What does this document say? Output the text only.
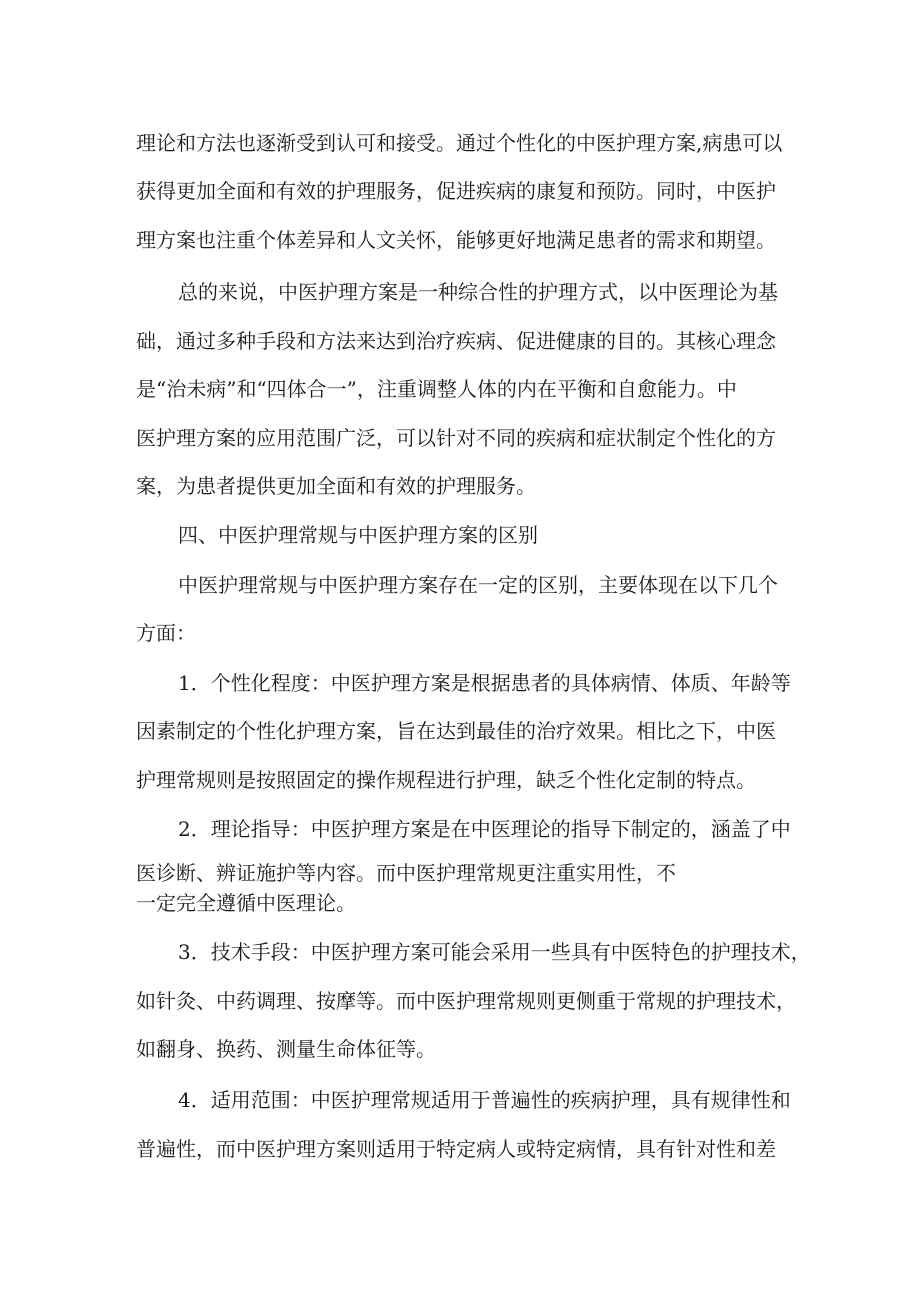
理论和方法也逐渐受到认可和接受。通过个性化的中医护理方案,病患可以
获得更加全面和有效的护理服务，促进疾病的康复和预防。同时，中医护
理方案也注重个体差异和人文关怀，能够更好地满足患者的需求和期望。
总的来说，中医护理方案是一种综合性的护理方式，以中医理论为基
础，通过多种手段和方法来达到治疗疾病、促进健康的目的。其核心理念
是“治未病”和“四体合一”，注重调整人体的内在平衡和自愈能力。中
医护理方案的应用范围广泛，可以针对不同的疾病和症状制定个性化的方
案，为患者提供更加全面和有效的护理服务。
四、中医护理常规与中医护理方案的区别
中医护理常规与中医护理方案存在一定的区别，主要体现在以下几个
方面：
1．个性化程度：中医护理方案是根据患者的具体病情、体质、年龄等
因素制定的个性化护理方案，旨在达到最佳的治疗效果。相比之下，中医
护理常规则是按照固定的操作规程进行护理，缺乏个性化定制的特点。
2．理论指导：中医护理方案是在中医理论的指导下制定的，涵盖了中
医诊断、辨证施护等内容。而中医护理常规更注重实用性，不
一定完全遵循中医理论。
3．技术手段：中医护理方案可能会采用一些具有中医特色的护理技术，
如针灸、中药调理、按摩等。而中医护理常规则更侧重于常规的护理技术，
如翻身、换药、测量生命体征等。
4．适用范围：中医护理常规适用于普遍性的疾病护理，具有规律性和
普遍性，而中医护理方案则适用于特定病人或特定病情，具有针对性和差
